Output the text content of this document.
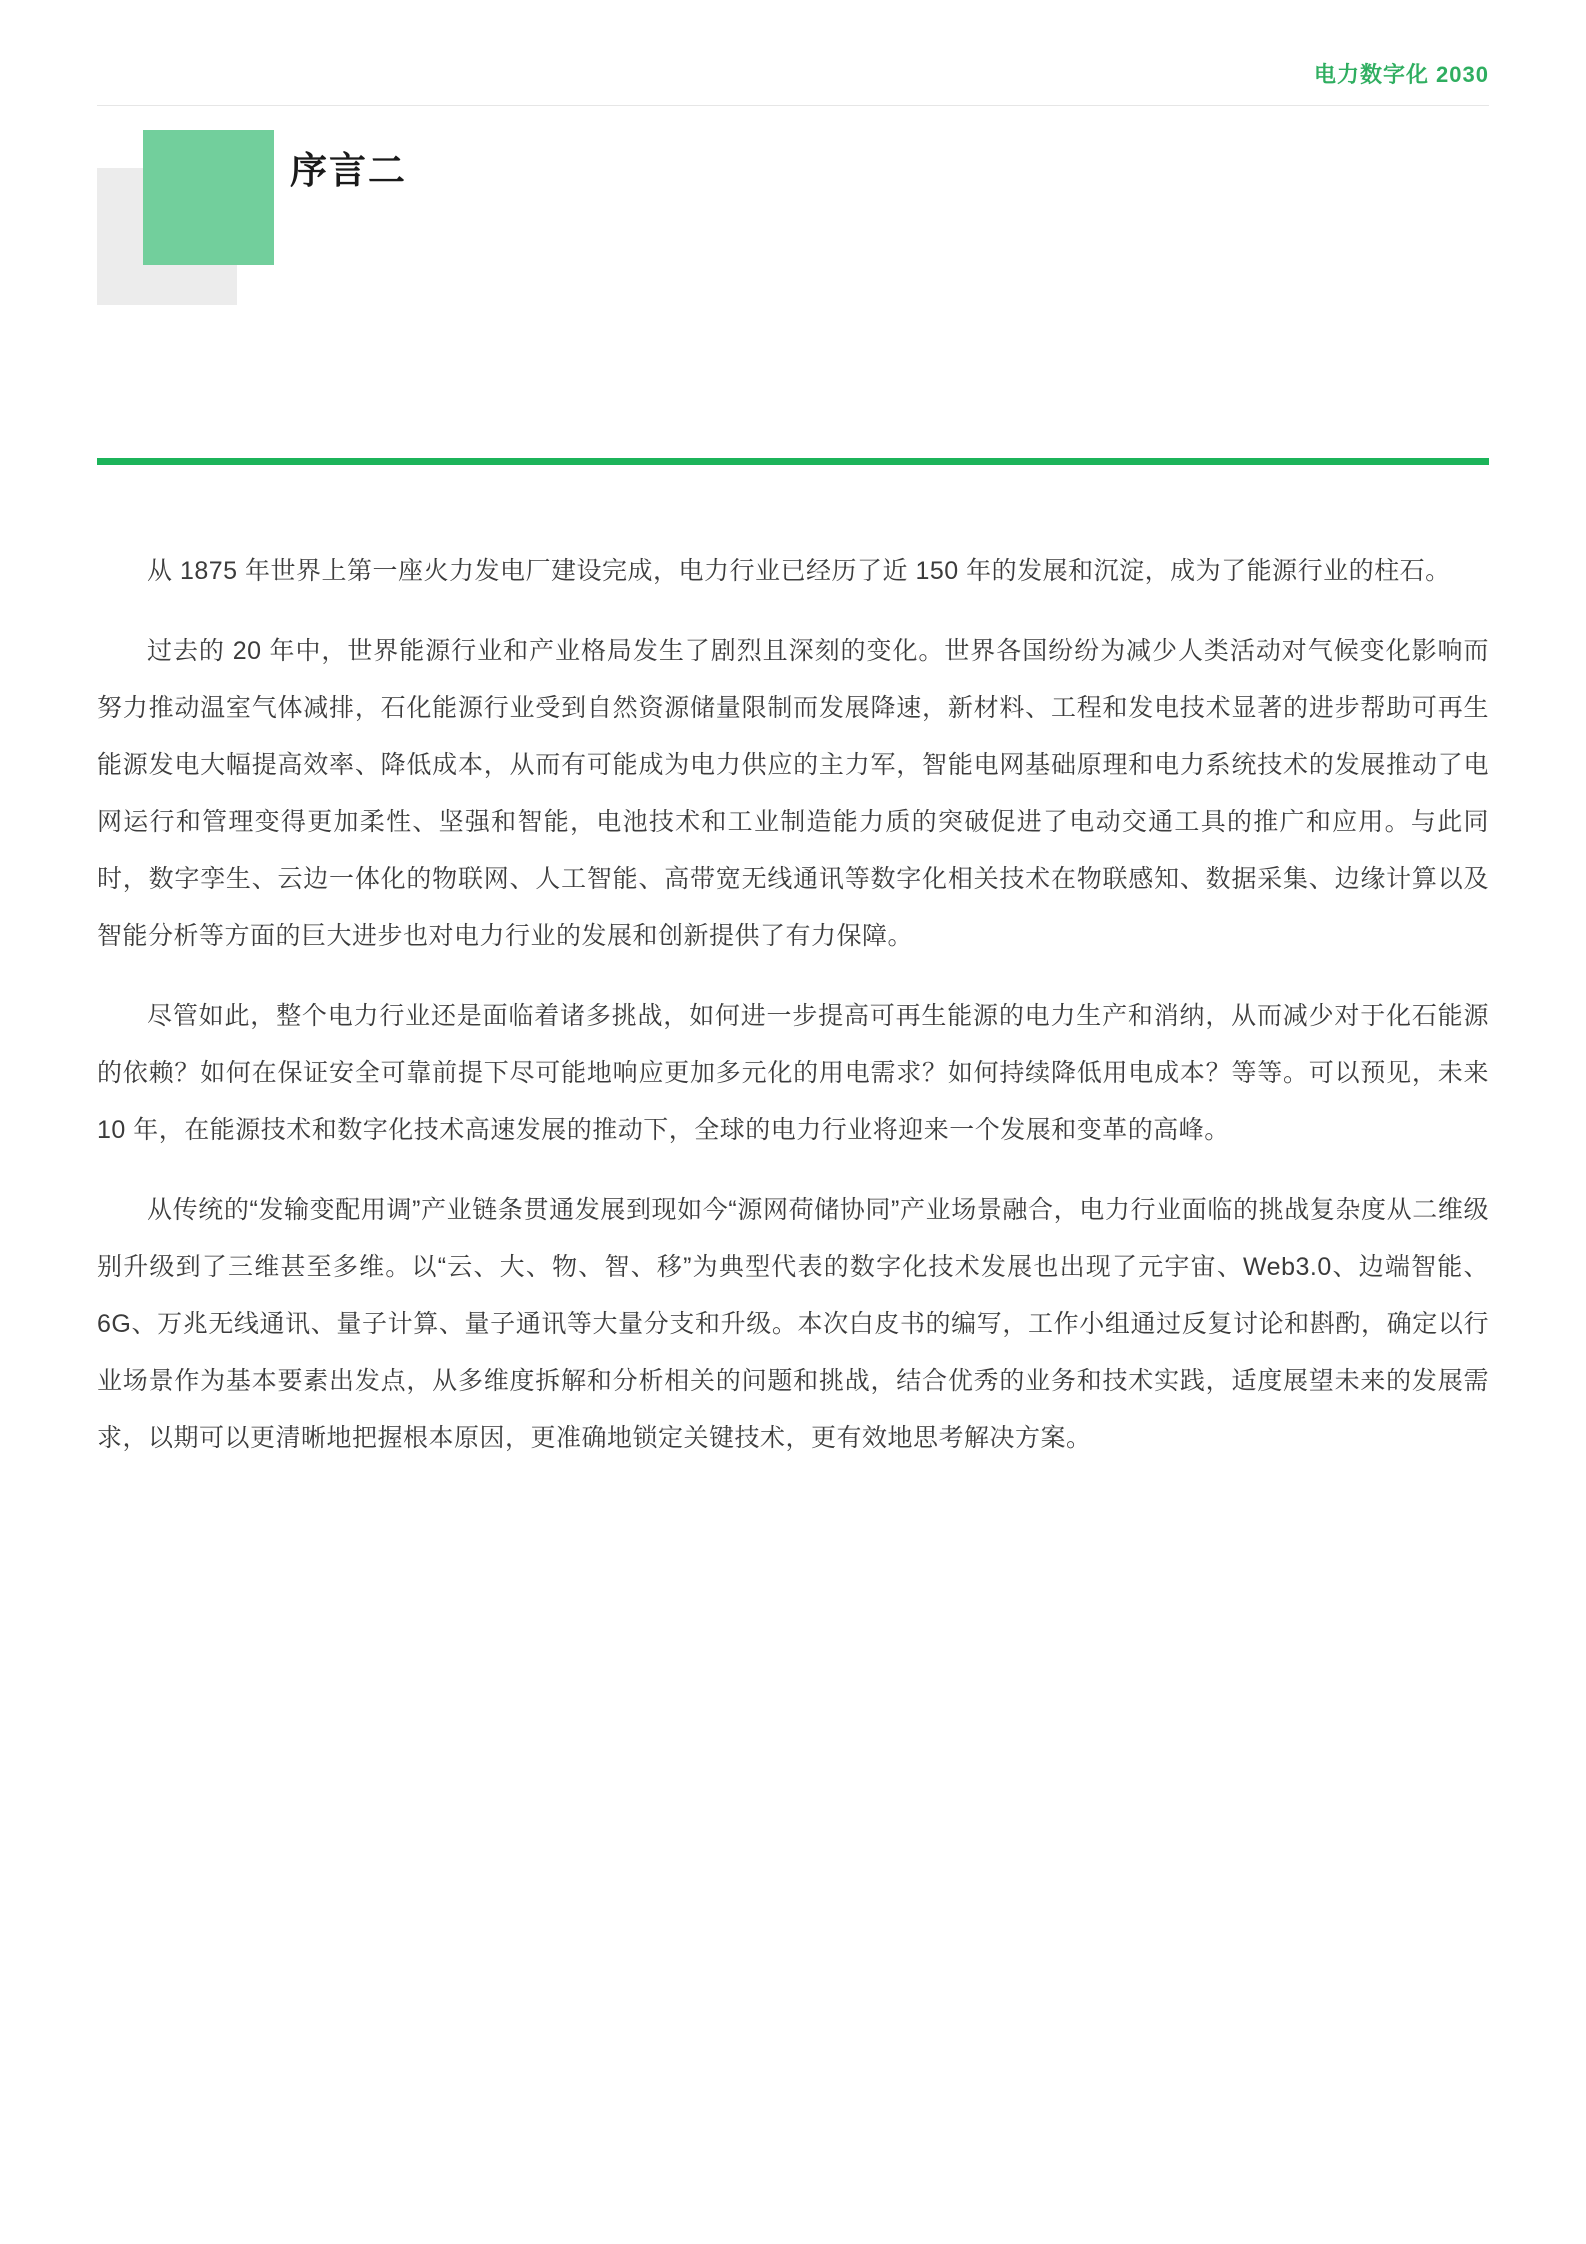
电力数字化 2030
序言二

从 1875 年世界上第一座火力发电厂建设完成，电力行业已经历了近 150 年的发展和沉淀，成为了能源行业的柱石。

过去的 20 年中，世界能源行业和产业格局发生了剧烈且深刻的变化。世界各国纷纷为减少人类活动对气候变化影响而努力推动温室气体减排，石化能源行业受到自然资源储量限制而发展降速，新材料、工程和发电技术显著的进步帮助可再生能源发电大幅提高效率、降低成本，从而有可能成为电力供应的主力军，智能电网基础原理和电力系统技术的发展推动了电网运行和管理变得更加柔性、坚强和智能，电池技术和工业制造能力质的突破促进了电动交通工具的推广和应用。与此同时，数字孪生、云边一体化的物联网、人工智能、高带宽无线通讯等数字化相关技术在物联感知、数据采集、边缘计算以及智能分析等方面的巨大进步也对电力行业的发展和创新提供了有力保障。

尽管如此，整个电力行业还是面临着诸多挑战，如何进一步提高可再生能源的电力生产和消纳，从而减少对于化石能源的依赖？如何在保证安全可靠前提下尽可能地响应更加多元化的用电需求？如何持续降低用电成本？等等。可以预见，未来 10 年，在能源技术和数字化技术高速发展的推动下，全球的电力行业将迎来一个发展和变革的高峰。

从传统的“发输变配用调”产业链条贯通发展到现如今“源网荷储协同”产业场景融合，电力行业面临的挑战复杂度从二维级别升级到了三维甚至多维。以“云、大、物、智、移”为典型代表的数字化技术发展也出现了元宇宙、Web3.0、边端智能、6G、万兆无线通讯、量子计算、量子通讯等大量分支和升级。本次白皮书的编写，工作小组通过反复讨论和斟酌，确定以行业场景作为基本要素出发点，从多维度拆解和分析相关的问题和挑战，结合优秀的业务和技术实践，适度展望未来的发展需求，以期可以更清晰地把握根本原因，更准确地锁定关键技术，更有效地思考解决方案。
